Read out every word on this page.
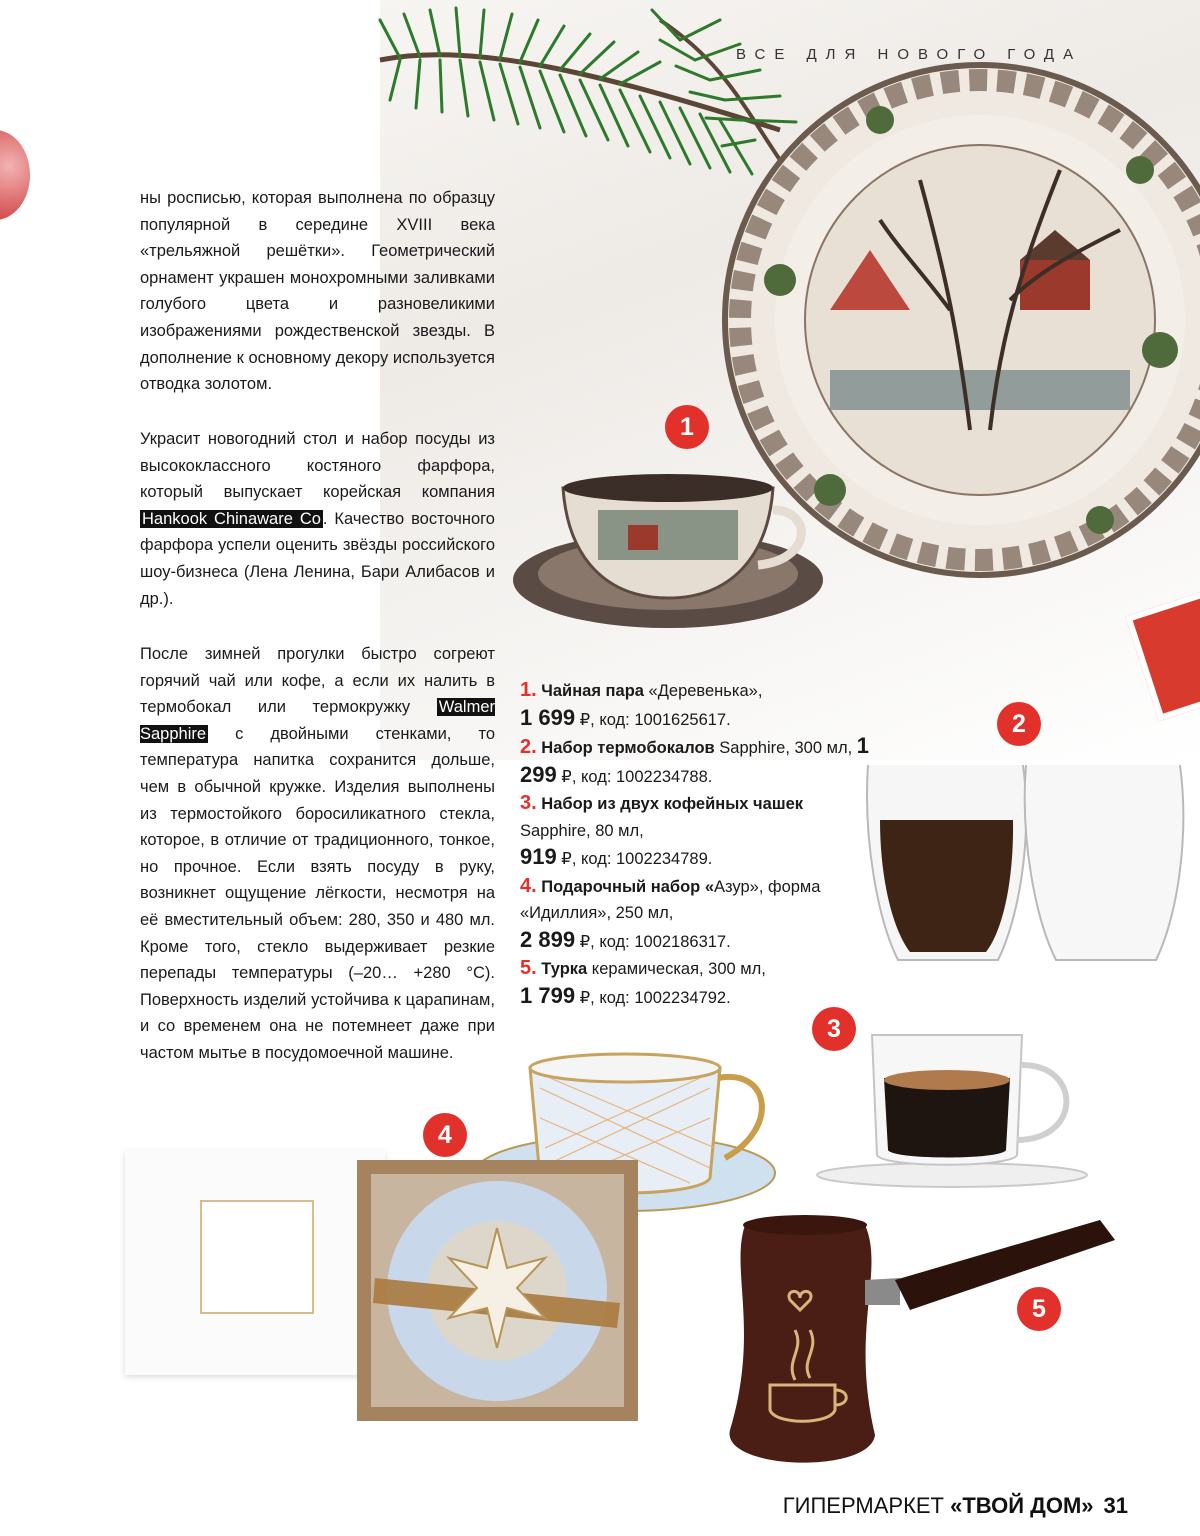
ВСЕ ДЛЯ НОВОГО ГОДА
ны росписью, которая выполнена по образцу популярной в середине XVIII века «трельяжной решётки». Геометрический орнамент украшен монохромными заливками голубого цвета и разновеликими изображениями рождественской звезды. В дополнение к основному декору используется отводка золотом.
Украсит новогодний стол и набор посуды из высококлассного костяного фарфора, который выпускает корейская компания Hankook Chinaware Co . Качество восточного фарфора успели оценить звёзды российского шоу-бизнеса (Лена Ленина, Бари Алибасов и др.).
После зимней прогулки быстро согреют горячий чай или кофе, а если их налить в термобокал или термокружку Walmer Sapphire с двойными стенками, то температура напитка сохранится дольше, чем в обычной кружке. Изделия выполнены из термостойкого боросиликатного стекла, которое, в отличие от традиционного, тонкое, но прочное. Если взять посуду в руку, возникнет ощущение лёгкости, несмотря на её вместительный объем: 280, 350 и 480 мл. Кроме того, стекло выдерживает резкие перепады температуры (–20… +280 °С). Поверхность изделий устойчива к царапинам, и со временем она не потемнеет даже при частом мытье в посудомоечной машине.
1
2
3
4
5
1. Чайная пара «Деревенька»,
1 699 ₽, код: 1001625617.
2. Набор термобокалов Sapphire, 300 мл, 1 299 ₽, код: 1002234788.
3. Набор из двух кофейных чашек Sapphire, 80 мл,
919 ₽, код: 1002234789.
4. Подарочный набор «Азур», форма «Идиллия», 250 мл,
2 899 ₽, код: 1002186317.
5. Турка керамическая, 300 мл,
1 799 ₽, код: 1002234792.
ГИПЕРМАРКЕТ «ТВОЙ ДОМ» 31
